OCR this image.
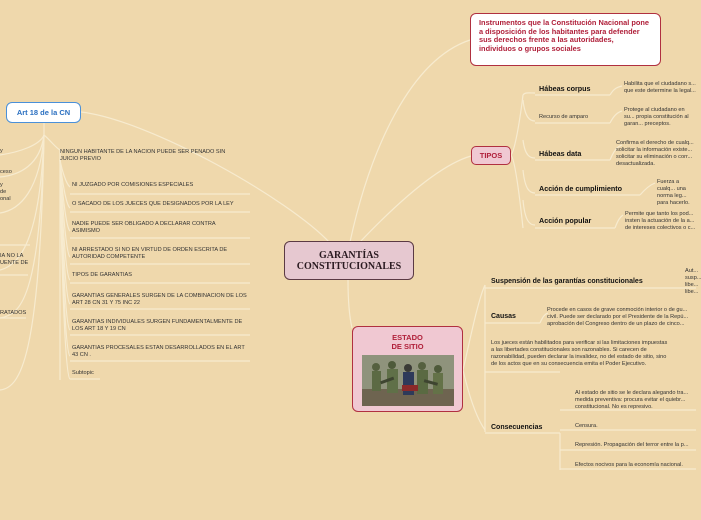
GARANTÍAS
CONSTITUCIONALES
Art 18 de la CN
NINGUN HABITANTE DE LA NACION PUEDE SER PENADO SIN JUICIO PREVIO
NI JUZGADO POR COMISIONES ESPECIALES
O SACADO DE LOS JUECES QUE DESIGNADOS POR LA LEY
NADIE PUEDE SER OBLIGADO A DECLARAR CONTRA ASIMISMO
NI ARRESTADO SI NO EN VIRTUD DE ORDEN ESCRITA DE AUTORIDAD COMPETENTE
TIPOS DE GARANTIAS
GARANTIAS GENERALES SURGEN DE LA COMBINACION DE LOS ART 28 CN 31 Y 75 INC 22
GARANTIAS INDIVIDUALES SURGEN FUNDAMENTALMENTE DE LOS ART 18 Y 19 CN
GARANTIAS PROCESALES ESTAN DESARROLLADOS EN EL ART 43 CN .
Subtopic
y
ceso
y
de
onal
IA NO LA
UENTE DE
RATADOS
Instrumentos que la Constitución Nacional pone a disposición de los habitantes para defender sus derechos frente a las autoridades, individuos o grupos sociales
TIPOS
Hábeas corpus	Habilita que el ciudadano s... que este determine la legal...
Recurso de amparo
Protege al ciudadano en su... propia constitución al garan... preceptos.
Hábeas data
Confirma el derecho de cualq... solicitar la información existe... solicitar su eliminación o corr... desactualizada.
Acción de cumplimiento
Fuerza a cualq... una norma leg... para hacerlo.
Acción popular
Permite que tanto los pod... insten la actuación de la a... de intereses colectivos o c...
ESTADO
DE SITIO
Suspensión de las garantías constitucionales
Aut... susp... libe... libe...
Causas
Procede en casos de grave conmoción interior o de gu... civil. Puede ser declarado por el Presidente de la Repú... aprobación del Congreso dentro de un plazo de cinco...
Los jueces están habilitados para verificar si las limitaciones impuestas a las libertades constitucionales son razonables. Si carecen de razonabilidad, pueden declarar la invalidez, no del estado de sitio, sino de los actos que en su consecuencia emita el Poder Ejecutivo.
Consecuencias
Al estado de sitio se le declara alegando tra... medida preventiva: procura evitar el quiebr... constitucional. No es represivo.
Censura.
Represión. Propagación del terror entre la p...
Efectos nocivos para la economía nacional.
